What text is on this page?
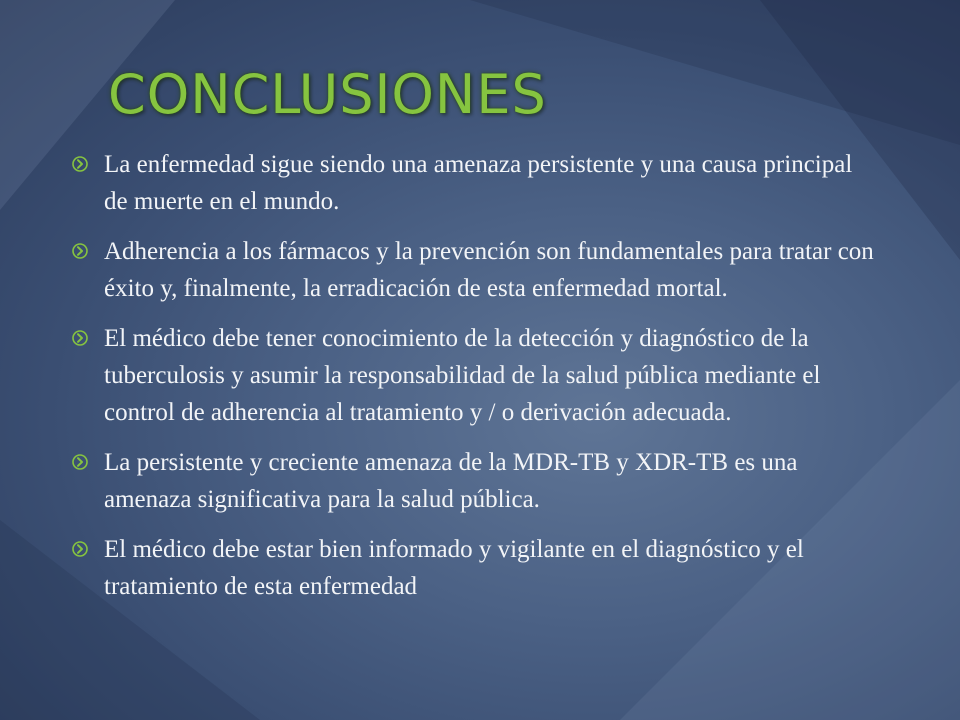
CONCLUSIONES
La enfermedad sigue siendo una amenaza persistente y una causa principal de muerte en el mundo.
Adherencia a los fármacos y la prevención son fundamentales para tratar con éxito y, finalmente, la erradicación de esta enfermedad mortal.
El médico debe tener conocimiento de la detección y diagnóstico de la tuberculosis y asumir la responsabilidad de la salud pública mediante el control de adherencia al tratamiento y / o derivación adecuada.
La persistente y creciente amenaza de la MDR-TB y XDR-TB es una amenaza significativa para la salud pública.
El médico debe estar bien informado y vigilante en el diagnóstico y el tratamiento de esta enfermedad
